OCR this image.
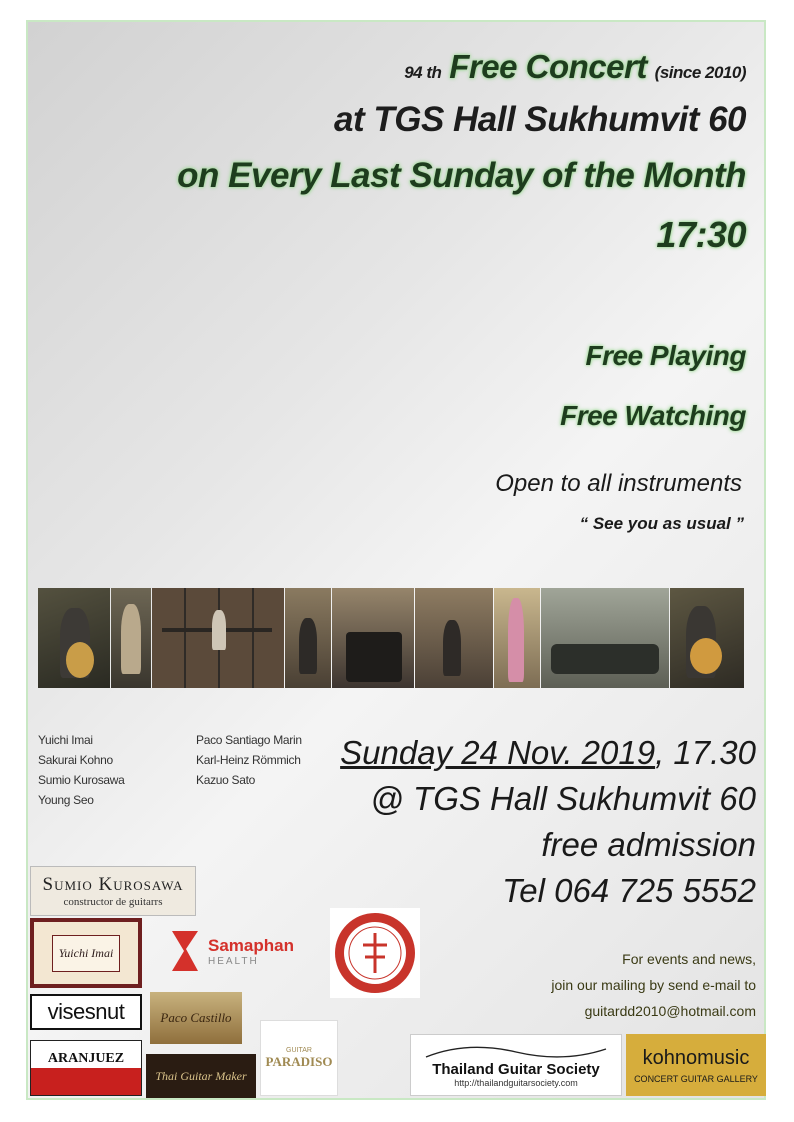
94 th Free Concert (since 2010)
at TGS Hall Sukhumvit 60
on Every Last Sunday of the Month
17:30
Free Playing
Free Watching
Open to all instruments
“ See you as usual ”
Yuichi Imai
Sakurai Kohno
Sumio Kurosawa
Young Seo
Paco Santiago Marin
Karl-Heinz Römmich
Kazuo Sato
Sunday 24 Nov. 2019, 17.30
@ TGS Hall Sukhumvit 60
free admission
Tel 064 725 5552
For events and news,
join our mailing by send e-mail to
guitardd2010@hotmail.com
Sumio Kurosawa
constructor de guitarrs
Yuichi Imai	Samaphan
HEALTH
visesnut	Paco Castillo
GUITAR
PARADISO
ARANJUEZ
Thai Guitar Maker	Thailand Guitar Society
http://thailandguitarsociety.com
kohnomusic
CONCERT GUITAR GALLERY
